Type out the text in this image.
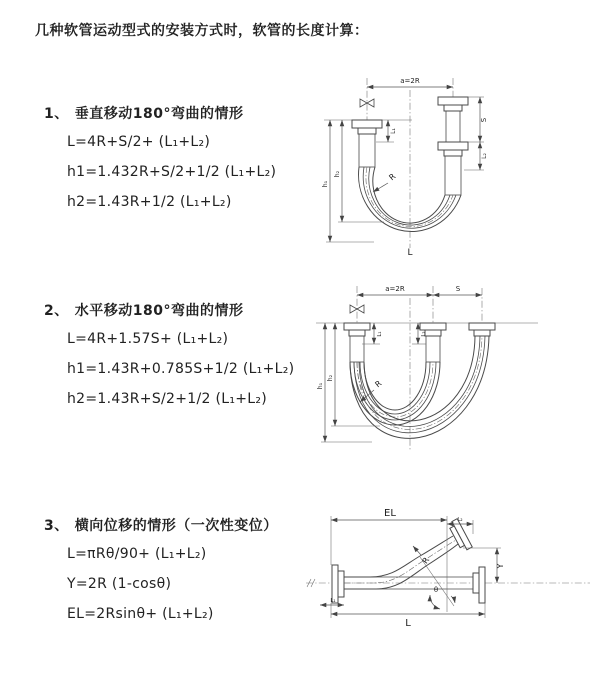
几种软管运动型式的安装方式时，软管的长度计算：
1、 垂直移动180°弯曲的情形
L=4R+S/2+ (L₁+L₂)
h1=1.432R+S/2+1/2 (L₁+L₂)
h2=1.43R+1/2 (L₁+L₂)
a=2R
L₁
S
L₂
h₁
h₂	R
L
2、 水平移动180°弯曲的情形
L=4R+1.57S+ (L₁+L₂)
h1=1.43R+0.785S+1/2 (L₁+L₂)
h2=1.43R+S/2+1/2 (L₁+L₂)
a=2R	S
L₁	L₂
h₁
h₂
R
3、 横向位移的情形（一次性变位）
L=πRθ/90+ (L₁+L₂)
Y=2R (1-cosθ)
EL=2Rsinθ+ (L₁+L₂)
θ
EL
L₂
Y
L
L₁
R
